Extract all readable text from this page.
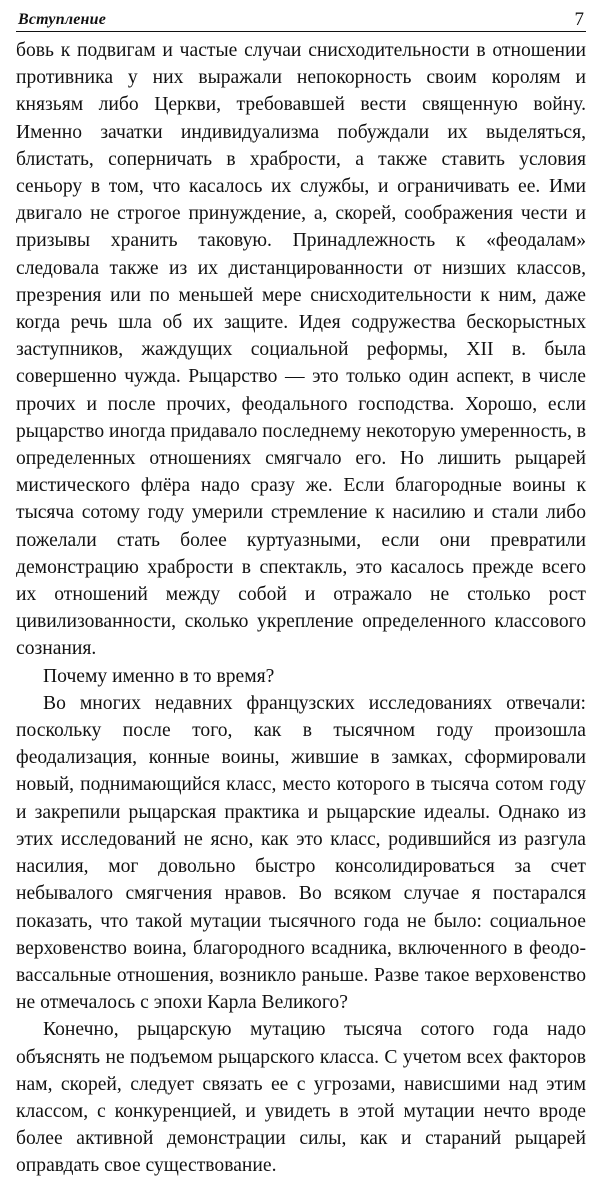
Вступление	7

бовь к подвигам и частые случаи снисходительности в отношении противника у них выражали непокорность своим королям и князьям либо Церкви, требовавшей вести священную войну. Именно зачатки индивидуализма побуждали их выделяться, блистать, соперничать в храбрости, а также ставить условия сеньору в том, что касалось их службы, и ограничивать ее. Ими двигало не строгое принуждение, а, скорей, соображения чести и призывы хранить таковую. Принадлежность к «феодалам» следовала также из их дистанцированности от низших классов, презрения или по меньшей мере снисходительности к ним, даже когда речь шла об их защите. Идея содружества бескорыстных заступников, жаждущих социальной реформы, XII в. была совершенно чужда. Рыцарство — это только один аспект, в числе прочих и после прочих, феодального господства. Хорошо, если рыцарство иногда придавало последнему некоторую умеренность, в определенных отношениях смягчало его. Но лишить рыцарей мистического флёра надо сразу же. Если благородные воины к тысяча сотому году умерили стремление к насилию и стали либо пожелали стать более куртуазными, если они превратили демонстрацию храбрости в спектакль, это касалось прежде всего их отношений между собой и отражало не столько рост цивилизованности, сколько укрепление определенного классового сознания.

Почему именно в то время?

Во многих недавних французских исследованиях отвечали: поскольку после того, как в тысячном году произошла феодализация, конные воины, жившие в замках, сформировали новый, поднимающийся класс, место которого в тысяча сотом году и закрепили рыцарская практика и рыцарские идеалы. Однако из этих исследований не ясно, как это класс, родившийся из разгула насилия, мог довольно быстро консолидироваться за счет небывалого смягчения нравов. Во всяком случае я постарался показать, что такой мутации тысячного года не было: социальное верховенство воина, благородного всадника, включенного в феодо-вассальные отношения, возникло раньше. Разве такое верховенство не отмечалось с эпохи Карла Великого?

Конечно, рыцарскую мутацию тысяча сотого года надо объяснять не подъемом рыцарского класса. С учетом всех факторов нам, скорей, следует связать ее с угрозами, нависшими над этим классом, с конкуренцией, и увидеть в этой мутации нечто вроде более активной демонстрации силы, как и стараний рыцарей оправдать свое существование.
